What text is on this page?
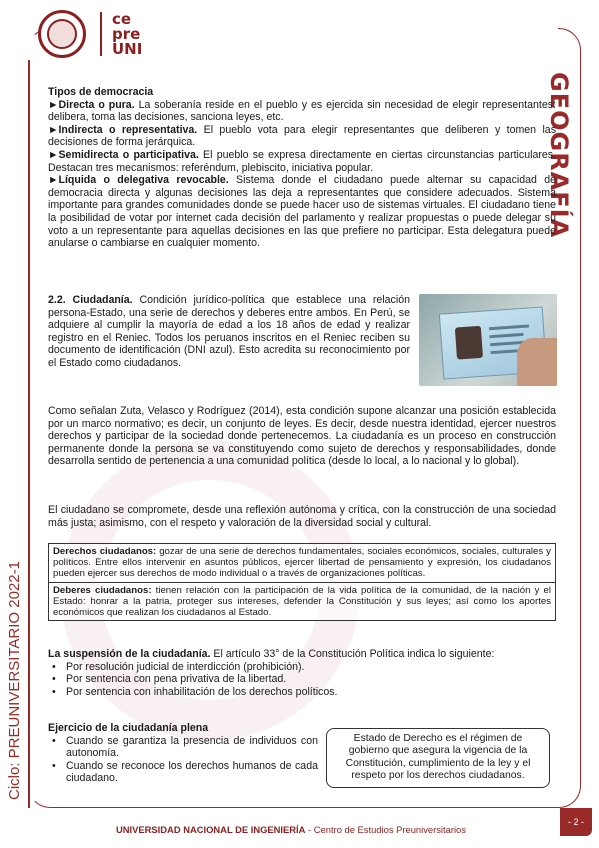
ce
pre
UNI
GEOGRAFÍA
Ciclo: PREUNIVERSITARIO 2022-1
Tipos de democracia
►Directa o pura. La soberanía reside en el pueblo y es ejercida sin necesidad de elegir representantes: delibera, toma las decisiones, sanciona leyes, etc.
►Indirecta o representativa. El pueblo vota para elegir representantes que deliberen y tomen las decisiones de forma jerárquica.
►Semidirecta o participativa. El pueblo se expresa directamente en ciertas circunstancias particulares. Destacan tres mecanismos: referéndum, plebiscito, iniciativa popular.
►Líquida o delegativa revocable. Sistema donde el ciudadano puede alternar su capacidad de democracia directa y algunas decisiones las deja a representantes que considere adecuados. Sistema importante para grandes comunidades donde se puede hacer uso de sistemas virtuales. El ciudadano tiene la posibilidad de votar por internet cada decisión del parlamento y realizar propuestas o puede delegar su voto a un representante para aquellas decisiones en las que prefiere no participar. Esta delegatura puede anularse o cambiarse en cualquier momento.
2.2. Ciudadanía. Condición jurídico-política que establece una relación persona-Estado, una serie de derechos y deberes entre ambos. En Perú, se adquiere al cumplir la mayoría de edad a los 18 años de edad y realizar registro en el Reniec. Todos los peruanos inscritos en el Reniec reciben su documento de identificación (DNI azul). Esto acredita su reconocimiento por el Estado como ciudadanos.
Como señalan Zuta, Velasco y Rodríguez (2014), esta condición supone alcanzar una posición establecida por un marco normativo; es decir, un conjunto de leyes. Es decir, desde nuestra identidad, ejercer nuestros derechos y participar de la sociedad donde pertenecemos. La ciudadanía es un proceso en construcción permanente donde la persona se va constituyendo como sujeto de derechos y responsabilidades, donde desarrolla sentido de pertenencia a una comunidad política (desde lo local, a lo nacional y lo global).
El ciudadano se compromete, desde una reflexión autónoma y crítica, con la construcción de una sociedad más justa; asimismo, con el respeto y valoración de la diversidad social y cultural.
Derechos ciudadanos: gozar de una serie de derechos fundamentales, sociales económicos, sociales, culturales y políticos. Entre ellos intervenir en asuntos públicos, ejercer libertad de pensamiento y expresión, los ciudadanos pueden ejercer sus derechos de modo individual o a través de organizaciones políticas.
Deberes ciudadanos: tienen relación con la participación de la vida política de la comunidad, de la nación y el Estado: honrar a la patria, proteger sus intereses, defender la Constitución y sus leyes; así como los aportes económicos que realizan los ciudadanos al Estado.
La suspensión de la ciudadanía. El artículo 33° de la Constitución Política indica lo siguiente:
• Por resolución judicial de interdicción (prohibición).
• Por sentencia con pena privativa de la libertad.
• Por sentencia con inhabilitación de los derechos políticos.
Ejercicio de la ciudadanía plena
• Cuando se garantiza la presencia de individuos con autonomía.
• Cuando se reconoce los derechos humanos de cada ciudadano.
Estado de Derecho es el régimen de gobierno que asegura la vigencia de la Constitución, cumplimiento de la ley y el respeto por los derechos ciudadanos.
UNIVERSIDAD NACIONAL DE INGENIERÍA - Centro de Estudios Preuniversitarios
- 2 -
